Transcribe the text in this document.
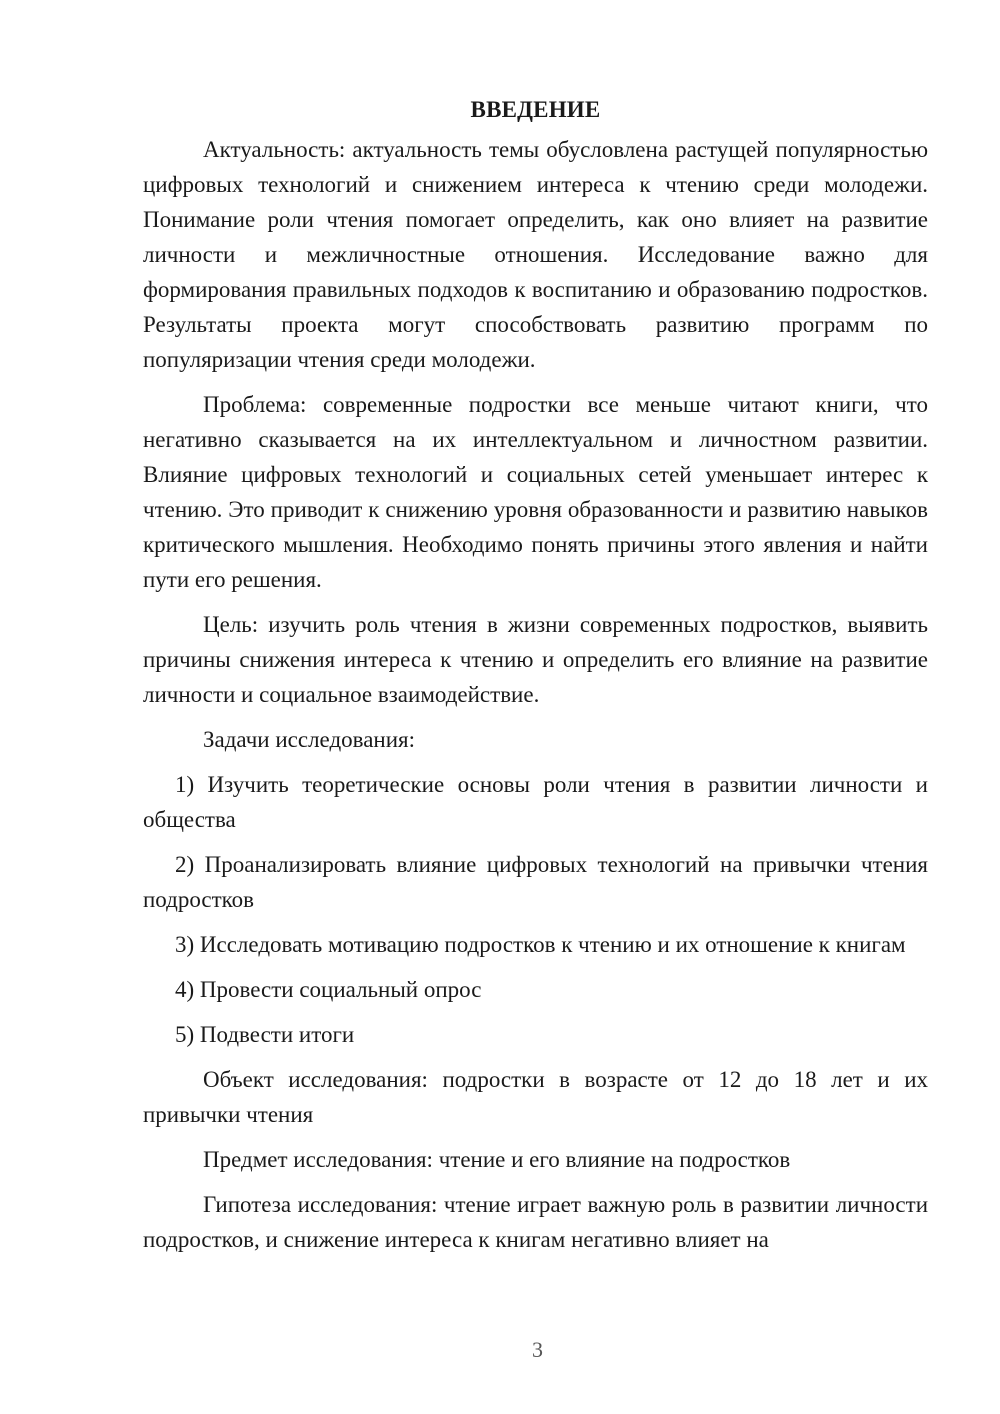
ВВЕДЕНИЕ

Актуальность: актуальность темы обусловлена растущей популярностью цифровых технологий и снижением интереса к чтению среди молодежи. Понимание роли чтения помогает определить, как оно влияет на развитие личности и межличностные отношения. Исследование важно для формирования правильных подходов к воспитанию и образованию подростков. Результаты проекта могут способствовать развитию программ по популяризации чтения среди молодежи.

Проблема: современные подростки все меньше читают книги, что негативно сказывается на их интеллектуальном и личностном развитии. Влияние цифровых технологий и социальных сетей уменьшает интерес к чтению. Это приводит к снижению уровня образованности и развитию навыков критического мышления. Необходимо понять причины этого явления и найти пути его решения.

Цель: изучить роль чтения в жизни современных подростков, выявить причины снижения интереса к чтению и определить его влияние на развитие личности и социальное взаимодействие.

Задачи исследования:

1) Изучить теоретические основы роли чтения в развитии личности и общества

2) Проанализировать влияние цифровых технологий на привычки чтения подростков

3) Исследовать мотивацию подростков к чтению и их отношение к книгам

4) Провести социальный опрос

5) Подвести итоги

Объект исследования: подростки в возрасте от 12 до 18 лет и их привычки чтения

Предмет исследования: чтение и его влияние на подростков

Гипотеза исследования: чтение играет важную роль в развитии личности подростков, и снижение интереса к книгам негативно влияет на

3
